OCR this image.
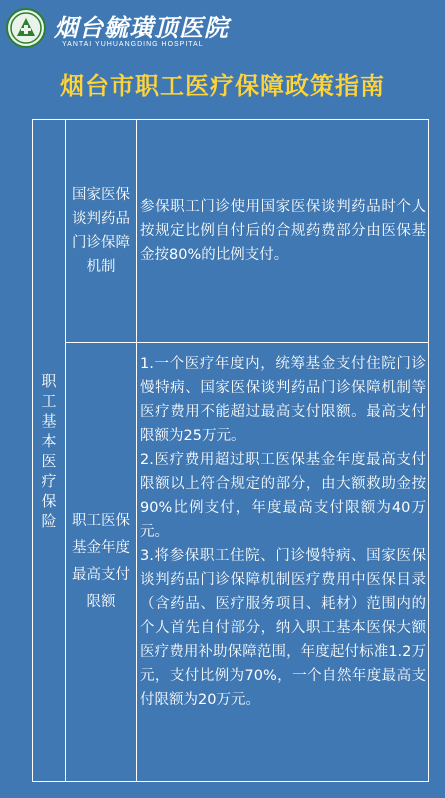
烟台毓璜顶医院
YANTAI YUHUANGDING HOSPITAL
烟台市职工医疗保障政策指南
职工基本医疗保险
国家医保谈判药品门诊保障机制

参保职工门诊使用国家医保谈判药品时个人按规定比例自付后的合规药费部分由医保基金按80%的比例支付。

职工医保基金年度最高支付限额

1.一个医疗年度内，统筹基金支付住院门诊慢特病、国家医保谈判药品门诊保障机制等医疗费用不能超过最高支付限额。最高支付限额为25万元。

2.医疗费用超过职工医保基金年度最高支付限额以上符合规定的部分，由大额救助金按90%比例支付，年度最高支付限额为40万元。

3.将参保职工住院、门诊慢特病、国家医保谈判药品门诊保障机制医疗费用中医保目录（含药品、医疗服务项目、耗材）范围内的个人首先自付部分，纳入职工基本医保大额医疗费用补助保障范围，年度起付标准1.2万元，支付比例为70%，一个自然年度最高支付限额为20万元。
